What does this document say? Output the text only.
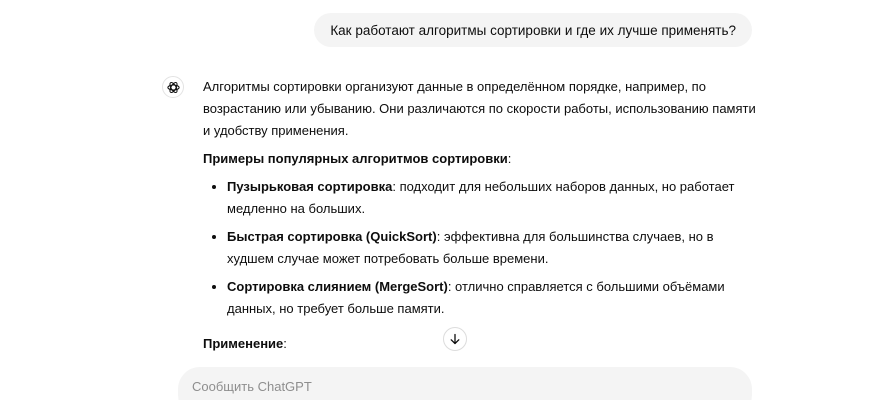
Как работают алгоритмы сортировки и где их лучше применять?

Алгоритмы сортировки организуют данные в определённом порядке, например, по возрастанию или убыванию. Они различаются по скорости работы, использованию памяти и удобству применения.

Примеры популярных алгоритмов сортировки:

• Пузырьковая сортировка: подходит для небольших наборов данных, но работает медленно на больших.
• Быстрая сортировка (QuickSort): эффективна для большинства случаев, но в худшем случае может потребовать больше времени.
• Сортировка слиянием (MergeSort): отлично справляется с большими объёмами данных, но требует больше памяти.
Применение:
Сообщить ChatGPT
